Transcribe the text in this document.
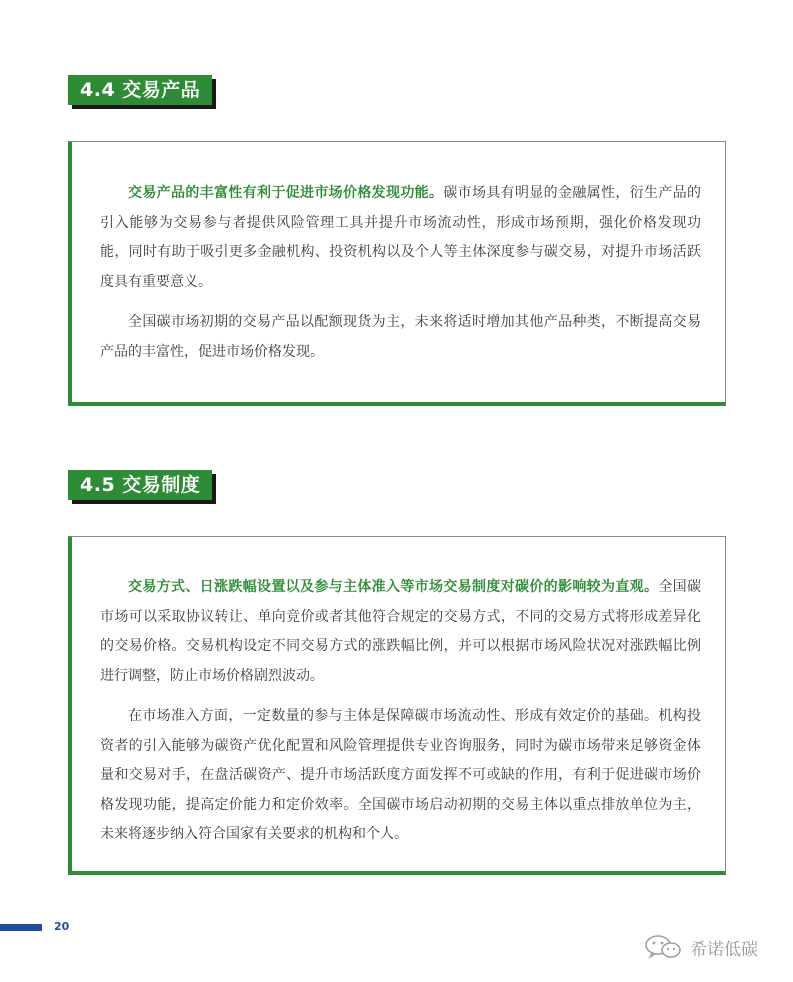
4.4 交易产品

交易产品的丰富性有利于促进市场价格发现功能。碳市场具有明显的金融属性，衍生产品的引入能够为交易参与者提供风险管理工具并提升市场流动性，形成市场预期，强化价格发现功能，同时有助于吸引更多金融机构、投资机构以及个人等主体深度参与碳交易，对提升市场活跃度具有重要意义。

全国碳市场初期的交易产品以配额现货为主，未来将适时增加其他产品种类，不断提高交易产品的丰富性，促进市场价格发现。

4.5 交易制度

交易方式、日涨跌幅设置以及参与主体准入等市场交易制度对碳价的影响较为直观。全国碳市场可以采取协议转让、单向竞价或者其他符合规定的交易方式，不同的交易方式将形成差异化的交易价格。交易机构设定不同交易方式的涨跌幅比例，并可以根据市场风险状况对涨跌幅比例进行调整，防止市场价格剧烈波动。

在市场准入方面，一定数量的参与主体是保障碳市场流动性、形成有效定价的基础。机构投资者的引入能够为碳资产优化配置和风险管理提供专业咨询服务，同时为碳市场带来足够资金体量和交易对手，在盘活碳资产、提升市场活跃度方面发挥不可或缺的作用，有利于促进碳市场价格发现功能，提高定价能力和定价效率。全国碳市场启动初期的交易主体以重点排放单位为主，未来将逐步纳入符合国家有关要求的机构和个人。

20
希诺低碳
